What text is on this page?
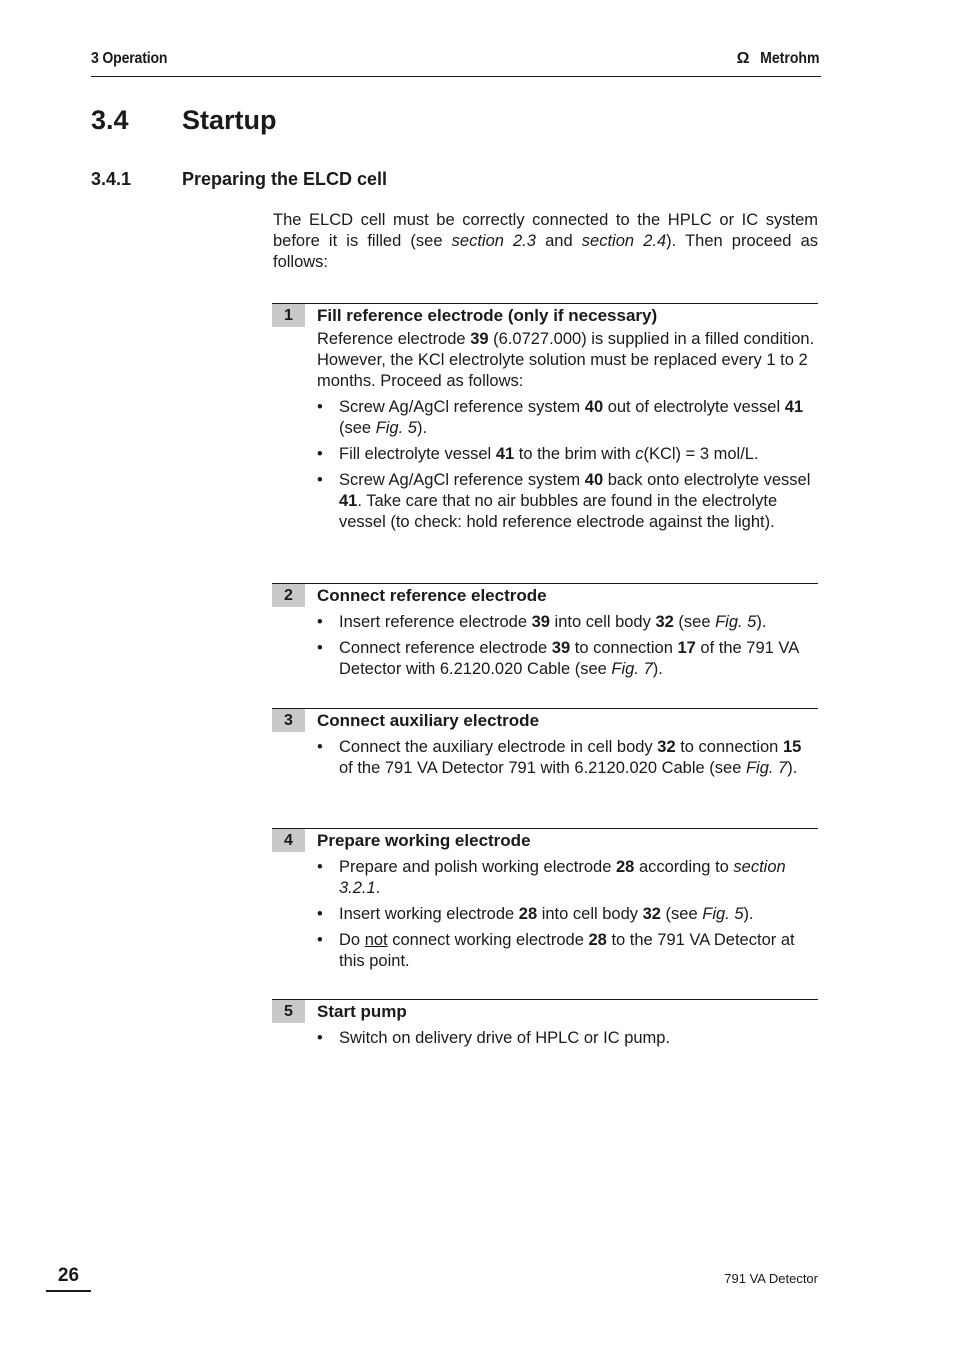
3 Operation	Ω Metrohm
3.4 Startup
3.4.1	Preparing the ELCD cell
The ELCD cell must be correctly connected to the HPLC or IC system before it is filled (see section 2.3 and section 2.4). Then proceed as follows:
1	Fill reference electrode (only if necessary)

Reference electrode 39 (6.0727.000) is supplied in a filled condition. However, the KCl electrolyte solution must be replaced every 1 to 2 months. Proceed as follows:

• Screw Ag/AgCl reference system 40 out of electrolyte vessel 41 (see Fig. 5).
• Fill electrolyte vessel 41 to the brim with c(KCl) = 3 mol/L.
• Screw Ag/AgCl reference system 40 back onto electrolyte vessel 41. Take care that no air bubbles are found in the electrolyte vessel (to check: hold reference electrode against the light).
2	Connect reference electrode
• Insert reference electrode 39 into cell body 32 (see Fig. 5).
• Connect reference electrode 39 to connection 17 of the 791 VA Detector with 6.2120.020 Cable (see Fig. 7).
3	Connect auxiliary electrode
• Connect the auxiliary electrode in cell body 32 to connection 15 of the 791 VA Detector 791 with 6.2120.020 Cable (see Fig. 7).
4	Prepare working electrode
• Prepare and polish working electrode 28 according to section 3.2.1.
• Insert working electrode 28 into cell body 32 (see Fig. 5).
• Do not connect working electrode 28 to the 791 VA Detector at this point.
5	Start pump
• Switch on delivery drive of HPLC or IC pump.
26	791 VA Detector
